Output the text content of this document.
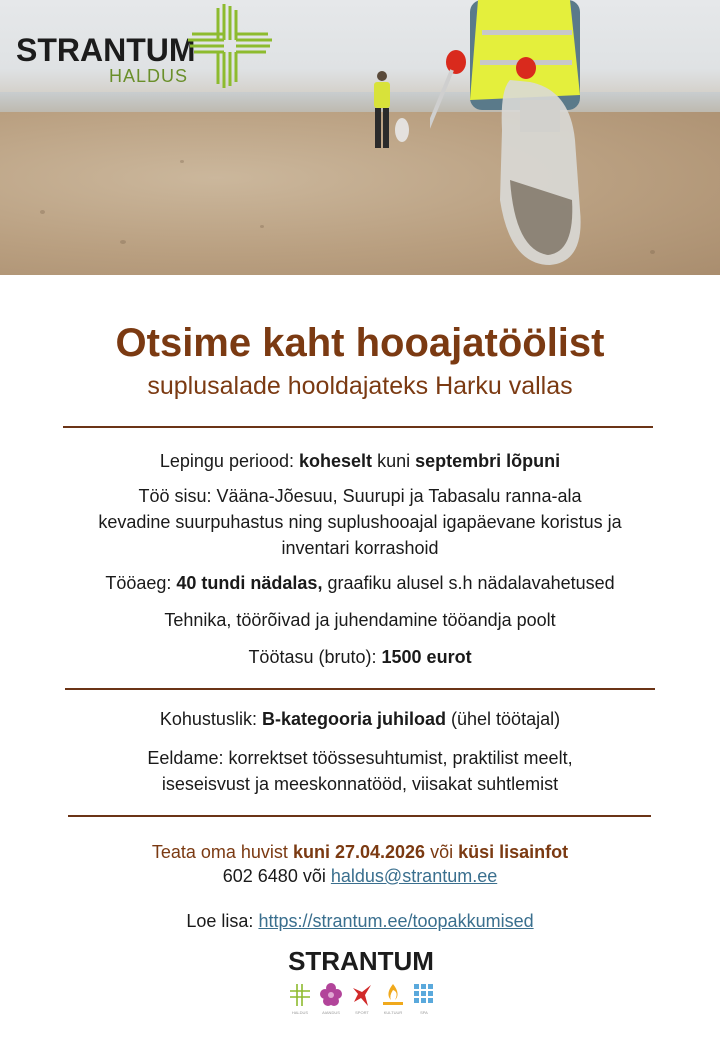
STRANTUM
HALDUS
Otsime kaht hooajatöölist
suplusalade hooldajateks Harku vallas
Lepingu periood: koheselt kuni septembri lõpuni
Töö sisu: Vääna-Jõesuu, Suurupi ja Tabasalu ranna-ala
kevadine suurpuhastus ning suplushooajal igapäevane koristus ja
inventari korrashoid
Tööaeg: 40 tundi nädalas, graafiku alusel s.h nädalavahetused
Tehnika, töörõivad ja juhendamine tööandja poolt
Töötasu (bruto): 1500 eurot
Kohustuslik: B-kategooria juhiload (ühel töötajal)
Eeldame: korrektset töössesuhtumist, praktilist meelt,
iseseisvust ja meeskonnatööd, viisakat suhtlemist
Teata oma huvist kuni 27.04.2026 või küsi lisainfot
602 6480 või haldus@strantum.ee
Loe lisa: https://strantum.ee/toopakkumised
STRANTUM
HALDUS	AIANDUS	SPORT	KULTUUR	SPA
